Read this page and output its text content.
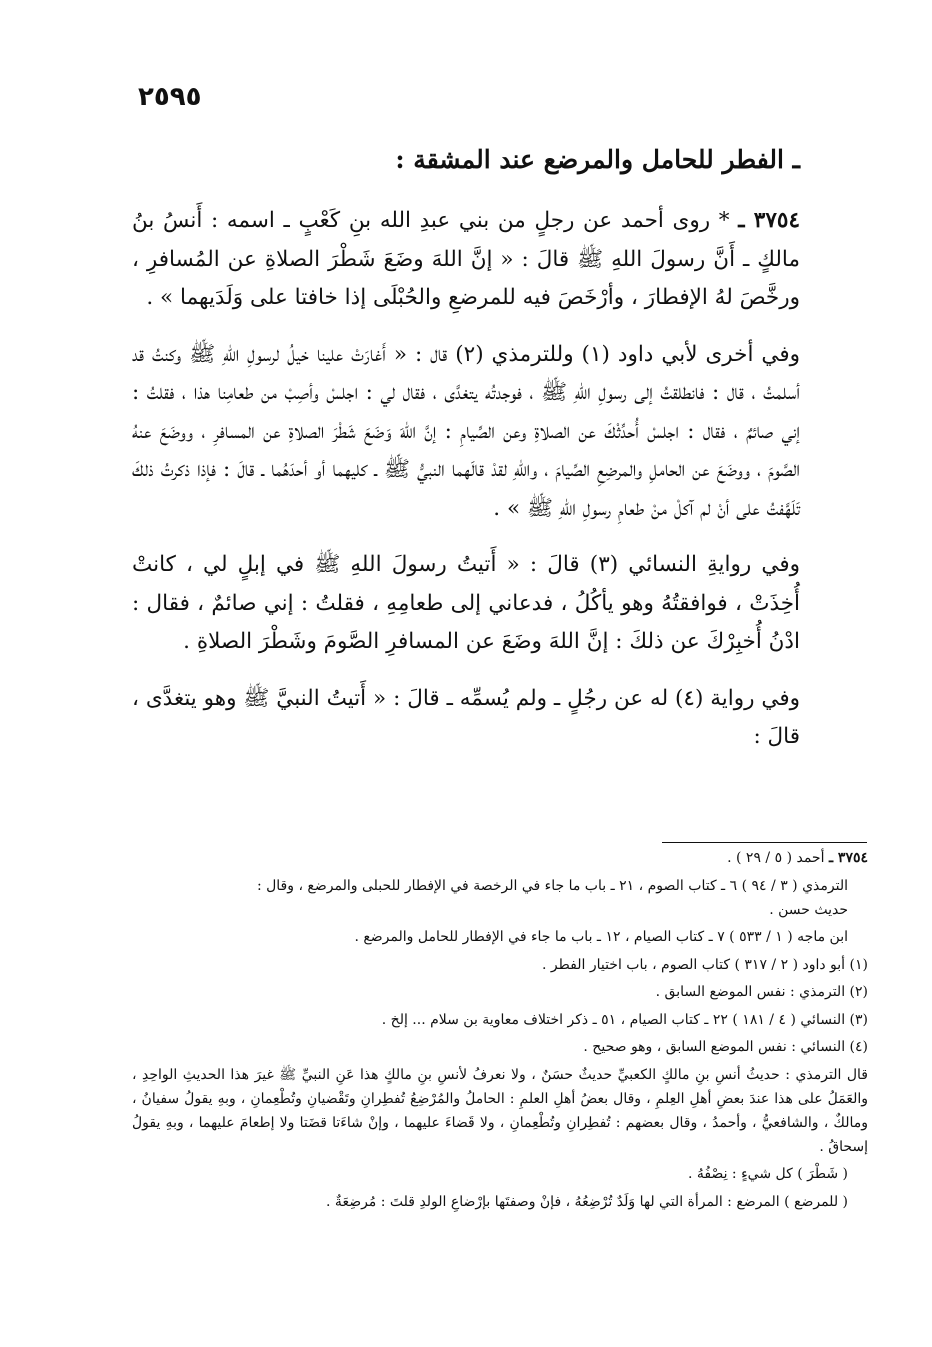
٢٥٩٥
ـ الفطر للحامل والمرضع عند المشقة :

٣٧٥٤ ـ * روى أحمد عن رجلٍ من بني عبدِ الله بنِ كَعْبٍ ـ اسمه : أَنسُ بنُ مالكٍ ـ أَنَّ رسولَ اللهِ ﷺ قالَ : « إنَّ اللهَ وضَعَ شَطْرَ الصلاةِ عن المُسافرِ ، ورخَّصَ لهُ الإفطارَ ، وأرْخَصَ فيه للمرضعِ والحُبْلَى إذا خافتا على وَلَدَيهما » .

وفي أخرى لأبي داود (١) وللترمذي (٢) قال : « أَغارَتْ علينا خيلُ لرسولِ اللهِ ﷺ وكنتُ قد أسلمتُ ، قال : فانطلقتُ إلى رسولِ اللهِ ﷺ ، فوجدتُه يتغدَّى ، فقال لي : اجلسْ وأصِبْ من طعامِنا هذا ، فقلتُ : إني صائمٌ ، فقال : اجلسْ أُحدِّثْكَ عن الصلاةِ وعن الصِّيامِ : إنَّ اللهَ وَضَعَ شَطْرَ الصلاةِ عن المسافرِ ، ووضَعَ عنهُ الصَّومَ ، ووضَعَ عن الحاملِ والمرضِعِ الصِّيامَ ، واللهِ لقدْ قالَهما النبيُّ ﷺ ـ كليهما أو أحدَهُما ـ قالَ : فإذا ذكرتُ ذلكَ تَلَهَّفتُ على أنْ لم آكلْ منْ طعامِ رسولِ اللهِ ﷺ » .

وفي روايةِ النسائي (٣) قالَ : « أَتيتُ رسولَ اللهِ ﷺ في إبلٍ لي ، كانتْ أُخِذَتْ ، فوافقتُهُ وهو يأكُلُ ، فدعاني إلى طعامِهِ ، فقلتُ : إني صائمٌ ، فقال : ادْنُ أُخبِرْكَ عن ذلكَ : إنَّ اللهَ وضَعَ عن المسافرِ الصَّومَ وشَطْرَ الصلاةِ .

وفي رواية (٤) له عن رجُلٍ ـ ولم يُسمِّه ـ قالَ : « أَتيتُ النبيَّ ﷺ وهو يتغدَّى ، قالَ :

٣٧٥٤ ـ أحمد ( ٥ / ٢٩ ) .

الترمذي ( ٣ / ٩٤ ) ٦ ـ كتاب الصوم ، ٢١ ـ باب ما جاء في الرخصة في الإفطار للحبلى والمرضع ، وقال :

حديث حسن .

ابن ماجه ( ١ / ٥٣٣ ) ٧ ـ كتاب الصيام ، ١٢ ـ باب ما جاء في الإفطار للحامل والمرضع .

(١) أبو داود ( ٢ / ٣١٧ ) كتاب الصوم ، باب اختيار الفطر .

(٢) الترمذي : نفس الموضع السابق .

(٣) النسائي ( ٤ / ١٨١ ) ٢٢ ـ كتاب الصيام ، ٥١ ـ ذكر اختلاف معاوية بن سلام ... إلخ .

(٤) النسائي : نفس الموضع السابق ، وهو صحيح .

قال الترمذي : حديثُ أنسِ بنِ مالكٍ الكعبيِّ حديثٌ حسَنٌ ، ولا نعرفُ لأنسِ بنِ مالكٍ هذا عَنِ النبيِّ ﷺ غيرَ هذا الحديثِ الواحِدِ ، والعَمَلُ على هذا عندَ بعضِ أهلِ العِلمِ ، وقال بعضُ أهلِ العلمِ : الحاملُ والمُرْضِعُ تُفطِرانِ وتَقْضيانِ وتُطْعِمانِ ، وبهِ يقولُ سفيانُ ، ومالكٌ ، والشافعيُّ ، وأحمدُ ، وقال بعضهم : تُفطِرانِ وتُطْعِمانِ ، ولا قَضاءَ عليهما ، وإنْ شاءَتا قضَتا ولا إطعامَ عليهما ، وبهِ يقولُ إسحاقُ .

( شَطْرَ ) كل شيءٍ : نِصْفُهُ .

( للمرضع ) المرضع : المرأة التي لها وَلَدٌ تُرْضِعُهُ ، فإنْ وصفتَها بإرْضاعِ الولدِ قلتَ : مُرضِعَةٌ .
